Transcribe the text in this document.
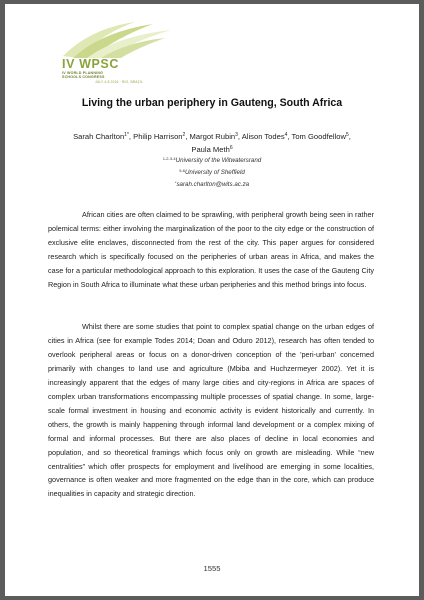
IV WPSC
IV WORLD PLANNING
SCHOOLS CONGRESS
JULY 4-8 2016 · RIO, BRAZIL
Living the urban periphery in Gauteng, South Africa
Sarah Charlton$^{1*}$, Philip Harrison$^2$, Margot Rubin$^3$, Alison Todes$^4$, Tom Goodfellow$^5$,
Paula Meth$^6$
$^{1-2-3-4}$University of the Witwatersrand
$^{5-6}$University of Sheffield
*sarah.charlton@wits.ac.za

African cities are often claimed to be sprawling, with peripheral growth being seen in rather polemical terms: either involving the marginalization of the poor to the city edge or the construction of exclusive elite enclaves, disconnected from the rest of the city. This paper argues for considered research which is specifically focused on the peripheries of urban areas in Africa, and makes the case for a particular methodological approach to this exploration. It uses the case of the Gauteng City Region in South Africa to illuminate what these urban peripheries and this method brings into focus.

Whilst there are some studies that point to complex spatial change on the urban edges of cities in Africa (see for example Todes 2014; Doan and Oduro 2012), research has often tended to overlook peripheral areas or focus on a donor-driven conception of the 'peri-urban' concerned primarily with changes to land use and agriculture (Mbiba and Huchzermeyer 2002). Yet it is increasingly apparent that the edges of many large cities and city-regions in Africa are spaces of complex urban transformations encompassing multiple processes of spatial change. In some, large-scale formal investment in housing and economic activity is evident historically and currently. In others, the growth is mainly happening through informal land development or a complex mixing of formal and informal processes. But there are also places of decline in local economies and population, and so theoretical framings which focus only on growth are misleading. While “new centralities” which offer prospects for employment and livelihood are emerging in some localities, governance is often weaker and more fragmented on the edge than in the core, which can produce inequalities in capacity and strategic direction.

1555
